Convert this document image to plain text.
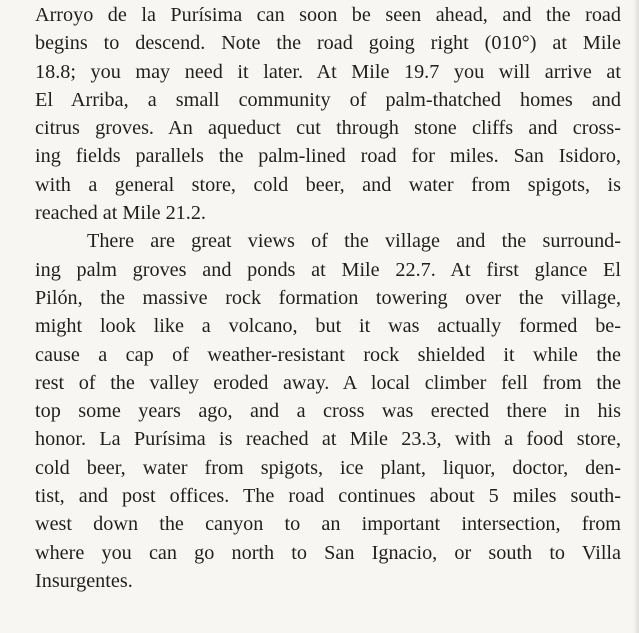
Arroyo de la Purísima can soon be seen ahead, and the road
begins to descend. Note the road going right (010°) at Mile
18.8; you may need it later. At Mile 19.7 you will arrive at
El Arriba, a small community of palm-thatched homes and
citrus groves. An aqueduct cut through stone cliffs and cross-
ing fields parallels the palm-lined road for miles. San Isidoro,
with a general store, cold beer, and water from spigots, is
reached at Mile 21.2.
There are great views of the village and the surround-
ing palm groves and ponds at Mile 22.7. At first glance El
Pilón, the massive rock formation towering over the village,
might look like a volcano, but it was actually formed be-
cause a cap of weather-resistant rock shielded it while the
rest of the valley eroded away. A local climber fell from the
top some years ago, and a cross was erected there in his
honor. La Purísima is reached at Mile 23.3, with a food store,
cold beer, water from spigots, ice plant, liquor, doctor, den-
tist, and post offices. The road continues about 5 miles south-
west down the canyon to an important intersection, from
where you can go north to San Ignacio, or south to Villa
Insurgentes.
